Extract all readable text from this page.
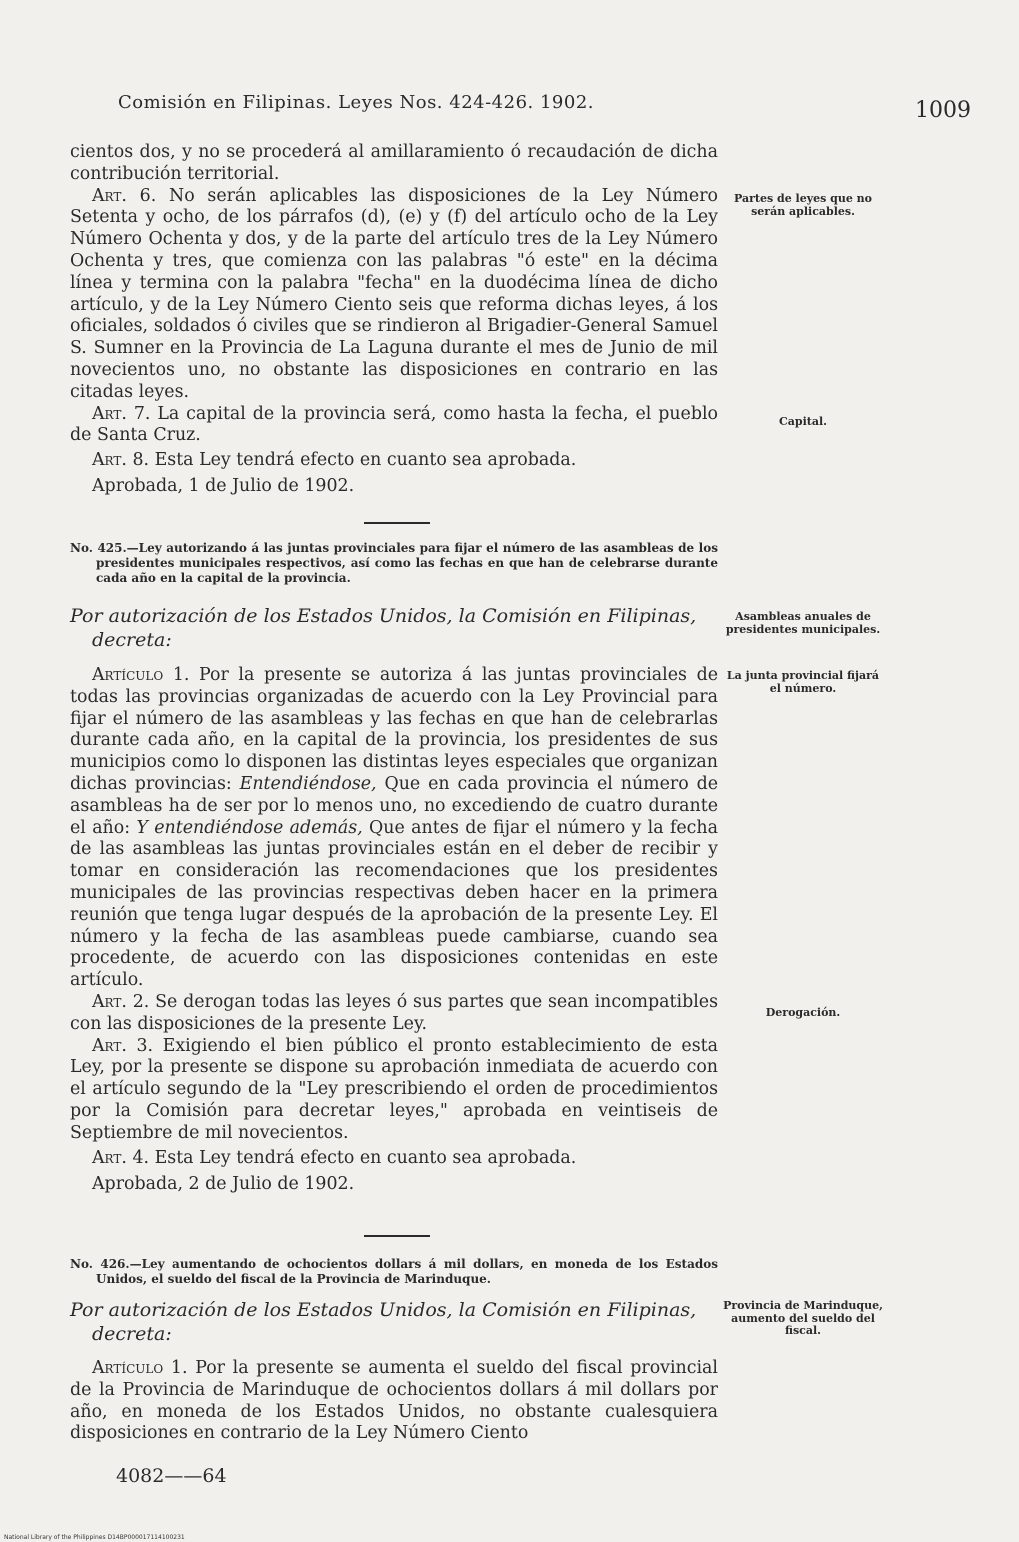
Comisión en Filipinas. Leyes Nos. 424-426. 1902.	1009

cientos dos, y no se procederá al amillaramiento ó recaudación de dicha contribución territorial.

Art. 6. No serán aplicables las disposiciones de la Ley Número Setenta y ocho, de los párrafos (d), (e) y (f) del artículo ocho de la Ley Número Ochenta y dos, y de la parte del artículo tres de la Ley Número Ochenta y tres, que comienza con las palabras "ó este" en la décima línea y termina con la palabra "fecha" en la duodécima línea de dicho artículo, y de la Ley Número Ciento seis que reforma dichas leyes, á los oficiales, soldados ó civiles que se rindieron al Brigadier-General Samuel S. Sumner en la Provincia de La Laguna durante el mes de Junio de mil novecientos uno, no obstante las disposiciones en contrario en las citadas leyes.

Art. 7. La capital de la provincia será, como hasta la fecha, el pueblo de Santa Cruz.

Art. 8. Esta Ley tendrá efecto en cuanto sea aprobada.

Aprobada, 1 de Julio de 1902.

Partes de leyes que no serán aplicables.
Capital.
No. 425.—Ley autorizando á las juntas provinciales para fijar el número de las asambleas de los presidentes municipales respectivos, así como las fechas en que han de celebrarse durante cada año en la capital de la provincia.
Por autorización de los Estados Unidos, la Comisión en Filipinas,
decreta:
Asambleas anuales de presidentes municipales.

Artículo 1. Por la presente se autoriza á las juntas provinciales de todas las provincias organizadas de acuerdo con la Ley Provincial para fijar el número de las asambleas y las fechas en que han de celebrarlas durante cada año, en la capital de la provincia, los presidentes de sus municipios como lo disponen las distintas leyes especiales que organizan dichas provincias: Entendiéndose, Que en cada provincia el número de asambleas ha de ser por lo menos uno, no excediendo de cuatro durante el año: Y entendiéndose además, Que antes de fijar el número y la fecha de las asambleas las juntas provinciales están en el deber de recibir y tomar en consideración las recomendaciones que los presidentes municipales de las provincias respectivas deben hacer en la primera reunión que tenga lugar después de la aprobación de la presente Ley. El número y la fecha de las asambleas puede cambiarse, cuando sea procedente, de acuerdo con las disposiciones contenidas en este artículo.

Art. 2. Se derogan todas las leyes ó sus partes que sean incompatibles con las disposiciones de la presente Ley.

Art. 3. Exigiendo el bien público el pronto establecimiento de esta Ley, por la presente se dispone su aprobación inmediata de acuerdo con el artículo segundo de la "Ley prescribiendo el orden de procedimientos por la Comisión para decretar leyes," aprobada en veintiseis de Septiembre de mil novecientos.

Art. 4. Esta Ley tendrá efecto en cuanto sea aprobada.

Aprobada, 2 de Julio de 1902.

La junta provincial fijará el número.
Derogación.
No. 426.—Ley aumentando de ochocientos dollars á mil dollars, en moneda de los Estados Unidos, el sueldo del fiscal de la Provincia de Marinduque.
Por autorización de los Estados Unidos, la Comisión en Filipinas,
decreta:
Provincia de Marinduque, aumento del sueldo del fiscal.

Artículo 1. Por la presente se aumenta el sueldo del fiscal provincial de la Provincia de Marinduque de ochocientos dollars á mil dollars por año, en moneda de los Estados Unidos, no obstante cualesquiera disposiciones en contrario de la Ley Número Ciento

4082——64
National Library of the Philippines D14BP000017114100231
